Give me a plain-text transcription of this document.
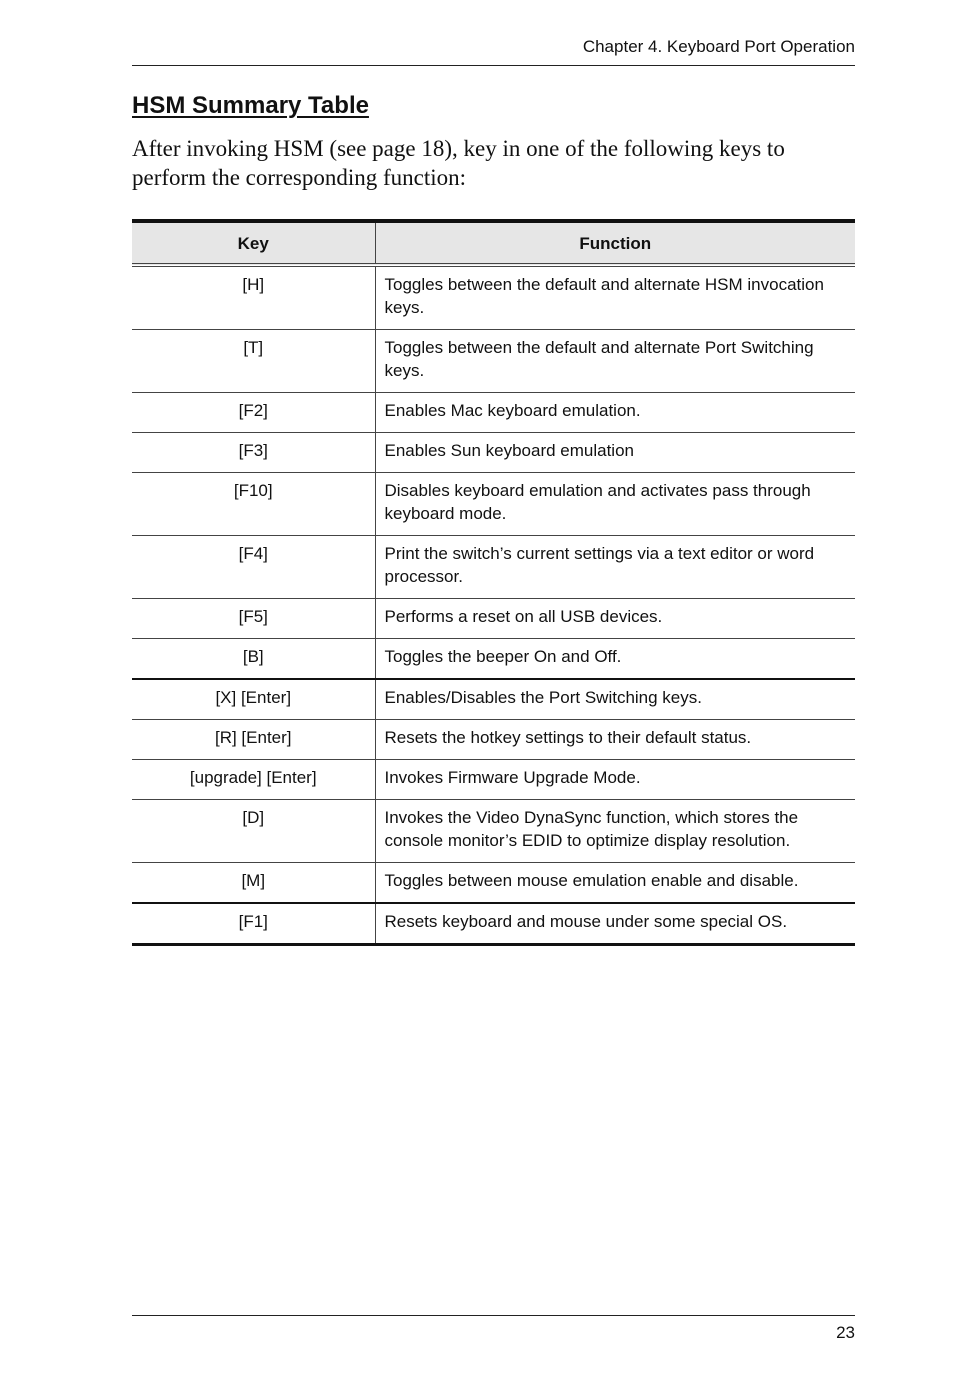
Chapter 4. Keyboard Port Operation
HSM Summary Table

After invoking HSM (see page 18), key in one of the following keys to perform the corresponding function:

Key	Function
[H]	Toggles between the default and alternate HSM invocation keys.
[T]	Toggles between the default and alternate Port Switching keys.
[F2]	Enables Mac keyboard emulation.
[F3]	Enables Sun keyboard emulation
[F10]	Disables keyboard emulation and activates pass through keyboard mode.
[F4]	Print the switch’s current settings via a text editor or word processor.
[F5]	Performs a reset on all USB devices.
[B]	Toggles the beeper On and Off.
[X] [Enter]	Enables/Disables the Port Switching keys.
[R] [Enter]	Resets the hotkey settings to their default status.
[upgrade] [Enter]	Invokes Firmware Upgrade Mode.
[D]	Invokes the Video DynaSync function, which stores the console monitor’s EDID to optimize display resolution.
[M]	Toggles between mouse emulation enable and disable.
[F1]	Resets keyboard and mouse under some special OS.
23
